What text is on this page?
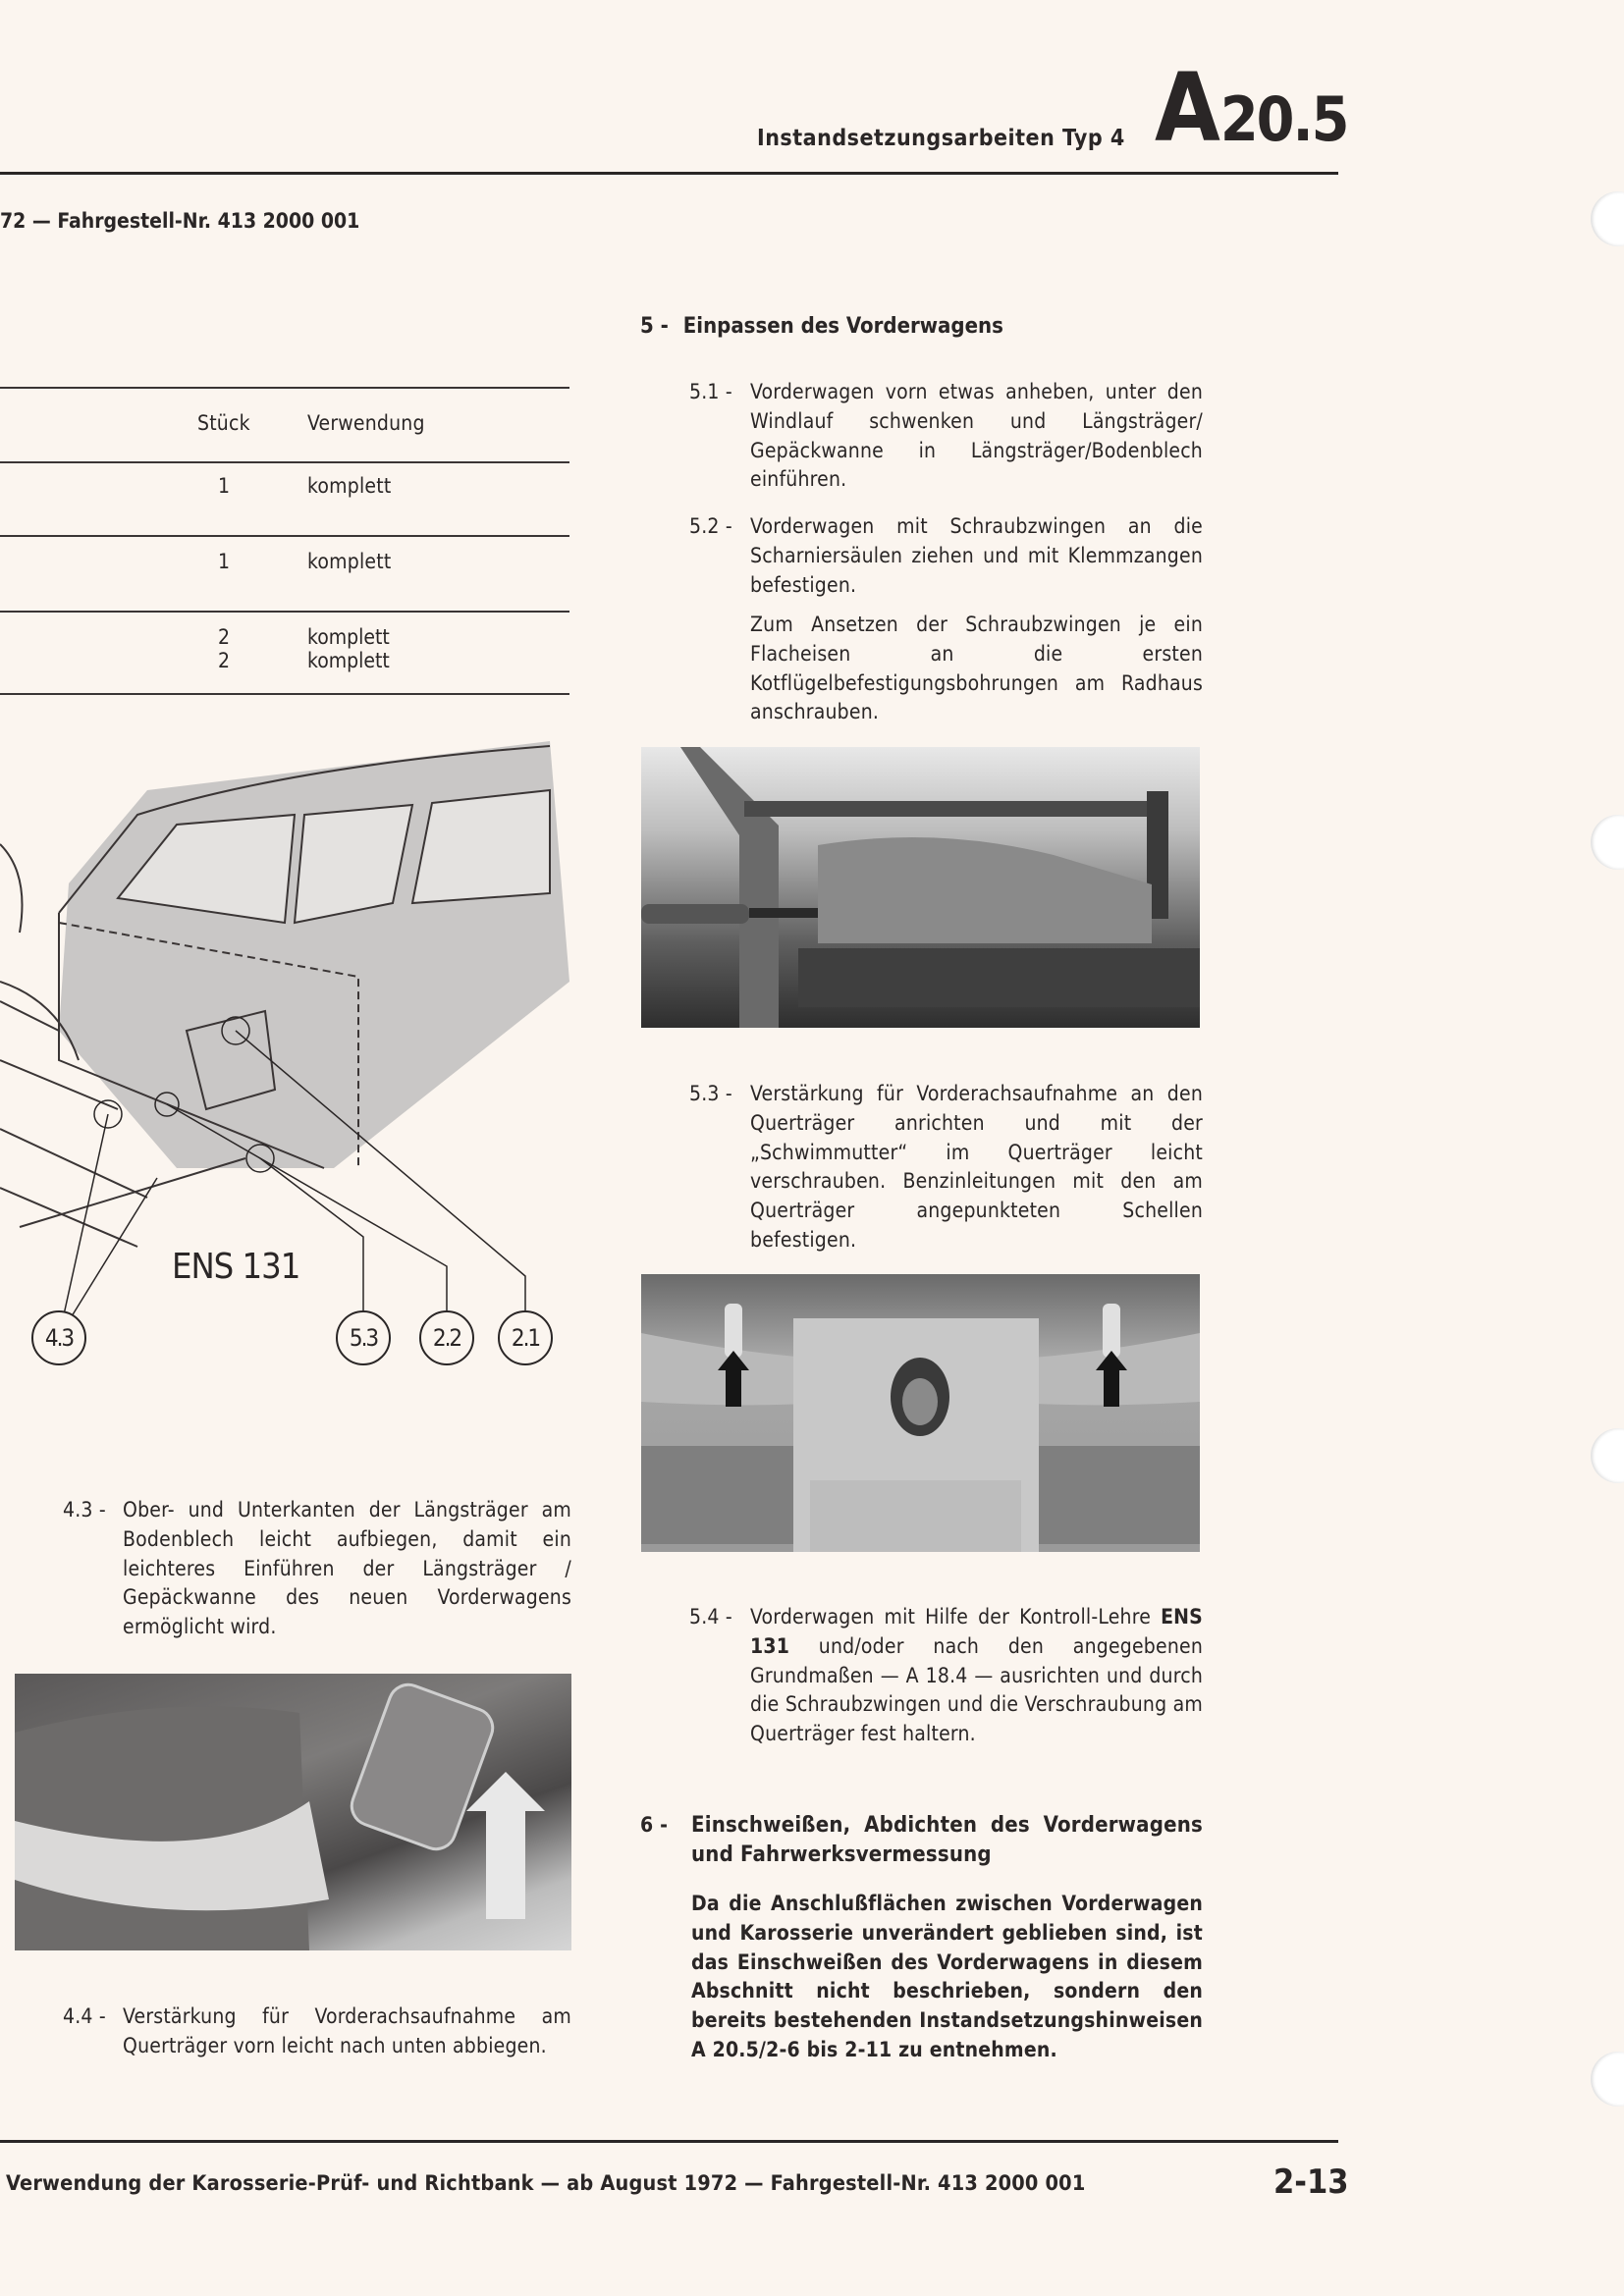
Instandsetzungsarbeiten Typ 4 A20.5
72 — Fahrgestell-Nr. 413 2000 001
Stück	Verwendung
1	komplett
1	komplett
2	komplett
2	komplett
ENS 131
4.3	5.3	2.2	2.1
4.3 - Ober- und Unterkanten der Längsträger am Bodenblech leicht aufbiegen, damit ein leichteres Einführen der Längsträger / Gepäckwanne des neuen Vorderwagens ermöglicht wird.
4.4 - Verstärkung für Vorderachsaufnahme am Querträger vorn leicht nach unten abbiegen.
5 - Einpassen des Vorderwagens
5.1 - Vorderwagen vorn etwas anheben, unter den Windlauf schwenken und Längsträger/ Gepäckwanne in Längsträger/Bodenblech einführen.
5.2 - Vorderwagen mit Schraubzwingen an die Scharniersäulen ziehen und mit Klemmzangen befestigen.
Zum Ansetzen der Schraubzwingen je ein Flacheisen an die ersten Kotflügelbefestigungsbohrungen am Radhaus anschrauben.
5.3 - Verstärkung für Vorderachsaufnahme an den Querträger anrichten und mit der „Schwimmutter“ im Querträger leicht verschrauben. Benzinleitungen mit den am Querträger angepunkteten Schellen befestigen.
5.4 - Vorderwagen mit Hilfe der Kontroll-Lehre ENS 131 und/oder nach den angegebenen Grundmaßen — A 18.4 — ausrichten und durch die Schraubzwingen und die Verschraubung am Querträger fest haltern.
6 - Einschweißen, Abdichten des Vorderwagens und Fahrwerksvermessung
Da die Anschlußflächen zwischen Vorderwagen und Karosserie unverändert geblieben sind, ist das Einschweißen des Vorderwagens in diesem Abschnitt nicht beschrieben, sondern den bereits bestehenden Instandsetzungshinweisen A 20.5/2-6 bis 2-11 zu entnehmen.
Verwendung der Karosserie-Prüf- und Richtbank — ab August 1972 — Fahrgestell-Nr. 413 2000 001	2-13
